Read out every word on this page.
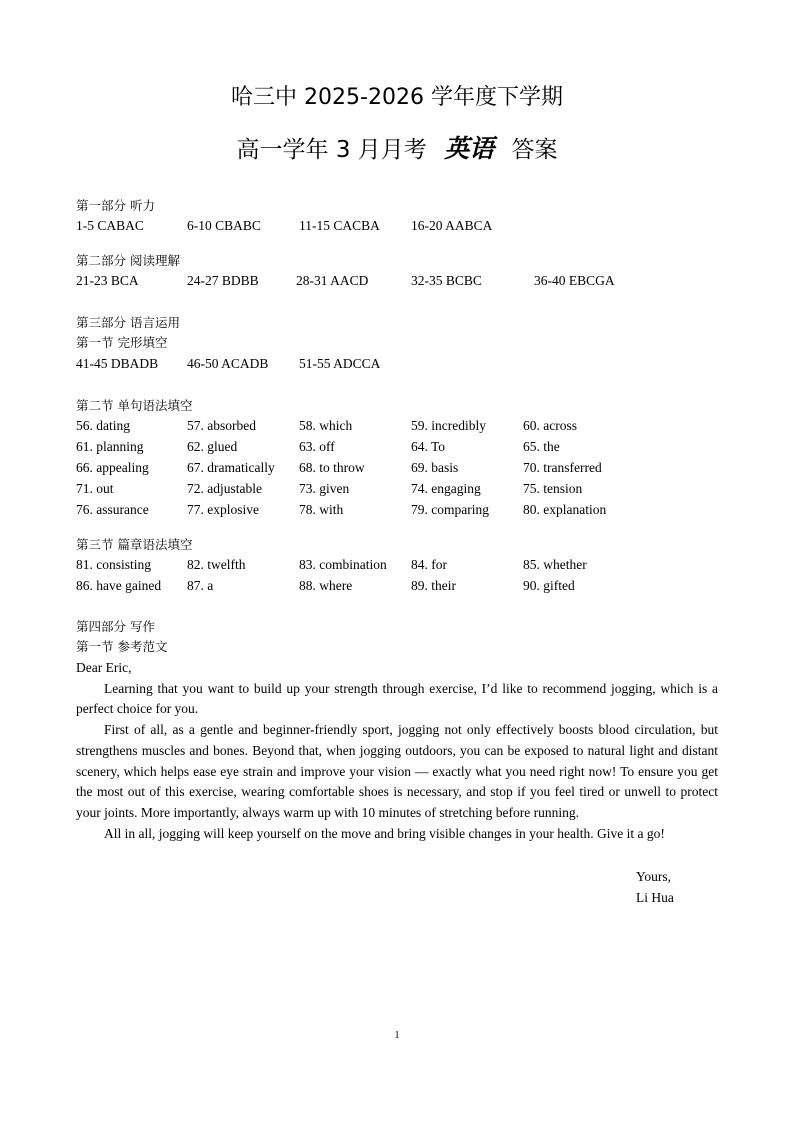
哈三中 2025-2026 学年度下学期
高一学年 3 月月考 英语 答案
第一部分 听力
1-5 CABAC	6-10 CBABC	11-15 CACBA 16-20 AABCA
第二部分 阅读理解
21-23 BCA	24-27 BDBB	28-31 AACD	32-35 BCBC	36-40 EBCGA
第三部分 语言运用
第一节 完形填空
41-45 DBADB 46-50 ACADB 51-55 ADCCA
第二节 单句语法填空
56. dating	57. absorbed	58. which	59. incredibly	60. across
61. planning	62. glued	63. off	64. To	65. the
66. appealing	67. dramatically 68. to throw	69. basis	70. transferred
71. out	72. adjustable	73. given	74. engaging	75. tension
76. assurance	77. explosive	78. with	79. comparing	80. explanation
第三节 篇章语法填空
81. consisting	82. twelfth	83. combination 84. for	85. whether
86. have gained 87. a	88. where	89. their	90. gifted
第四部分 写作
第一节 参考范文

Dear Eric,

Learning that you want to build up your strength through exercise, I’d like to recommend jogging, which is a perfect choice for you.

First of all, as a gentle and beginner-friendly sport, jogging not only effectively boosts blood circulation, but strengthens muscles and bones. Beyond that, when jogging outdoors, you can be exposed to natural light and distant scenery, which helps ease eye strain and improve your vision — exactly what you need right now! To ensure you get the most out of this exercise, wearing comfortable shoes is necessary, and stop if you feel tired or unwell to protect your joints. More importantly, always warm up with 10 minutes of stretching before running.

All in all, jogging will keep yourself on the move and bring visible changes in your health. Give it a go!

Yours,
Li Hua
1
